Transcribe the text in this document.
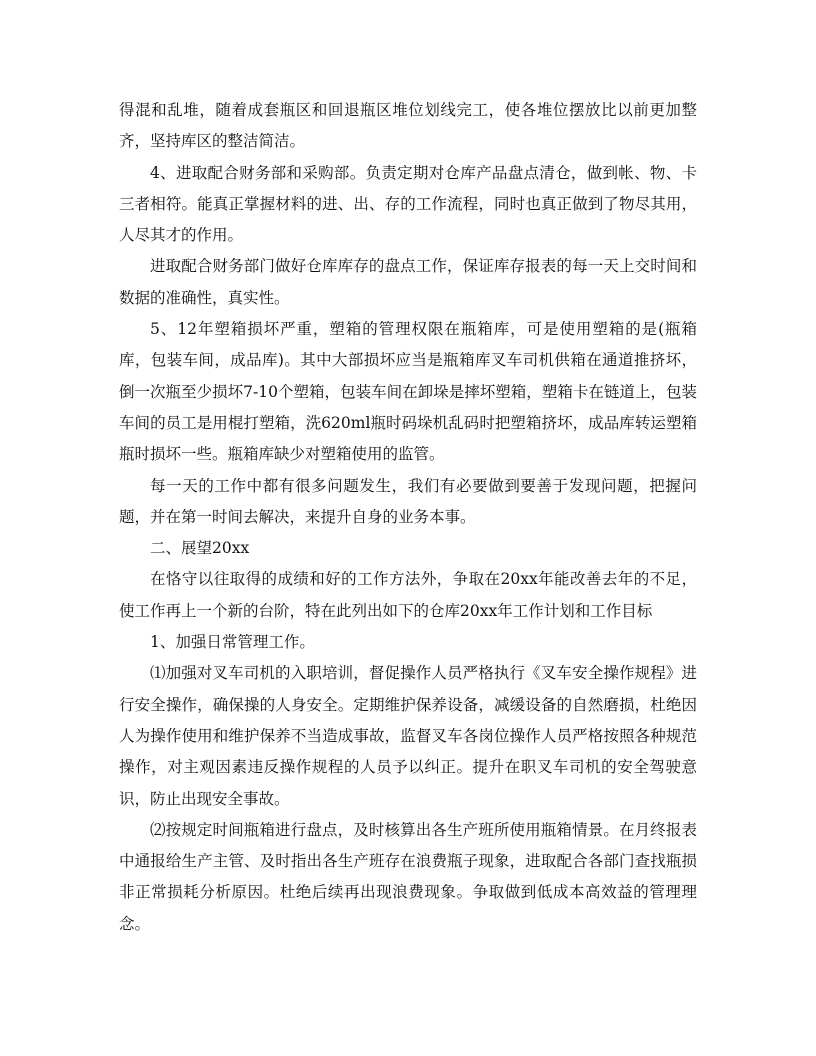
得混和乱堆，随着成套瓶区和回退瓶区堆位划线完工，使各堆位摆放比以前更加整齐，坚持库区的整洁简洁。

4、进取配合财务部和采购部。负责定期对仓库产品盘点清仓，做到帐、物、卡三者相符。能真正掌握材料的进、出、存的工作流程，同时也真正做到了物尽其用，人尽其才的作用。

进取配合财务部门做好仓库库存的盘点工作，保证库存报表的每一天上交时间和数据的准确性，真实性。

5、12年塑箱损坏严重，塑箱的管理权限在瓶箱库，可是使用塑箱的是(瓶箱库，包装车间，成品库)。其中大部损坏应当是瓶箱库叉车司机供箱在通道推挤坏，倒一次瓶至少损坏7-10个塑箱，包装车间在卸垛是摔坏塑箱，塑箱卡在链道上，包装车间的员工是用棍打塑箱，洗620ml瓶时码垛机乱码时把塑箱挤坏，成品库转运塑箱瓶时损坏一些。瓶箱库缺少对塑箱使用的监管。

每一天的工作中都有很多问题发生，我们有必要做到要善于发现问题，把握问题，并在第一时间去解决，来提升自身的业务本事。

二、展望20xx

在恪守以往取得的成绩和好的工作方法外，争取在20xx年能改善去年的不足，使工作再上一个新的台阶，特在此列出如下的仓库20xx年工作计划和工作目标

1、加强日常管理工作。

⑴加强对叉车司机的入职培训，督促操作人员严格执行《叉车安全操作规程》进行安全操作，确保操的人身安全。定期维护保养设备，减缓设备的自然磨损，杜绝因人为操作使用和维护保养不当造成事故，监督叉车各岗位操作人员严格按照各种规范操作，对主观因素违反操作规程的人员予以纠正。提升在职叉车司机的安全驾驶意识，防止出现安全事故。

⑵按规定时间瓶箱进行盘点，及时核算出各生产班所使用瓶箱情景。在月终报表中通报给生产主管、及时指出各生产班存在浪费瓶子现象，进取配合各部门查找瓶损非正常损耗分析原因。杜绝后续再出现浪费现象。争取做到低成本高效益的管理理念。
